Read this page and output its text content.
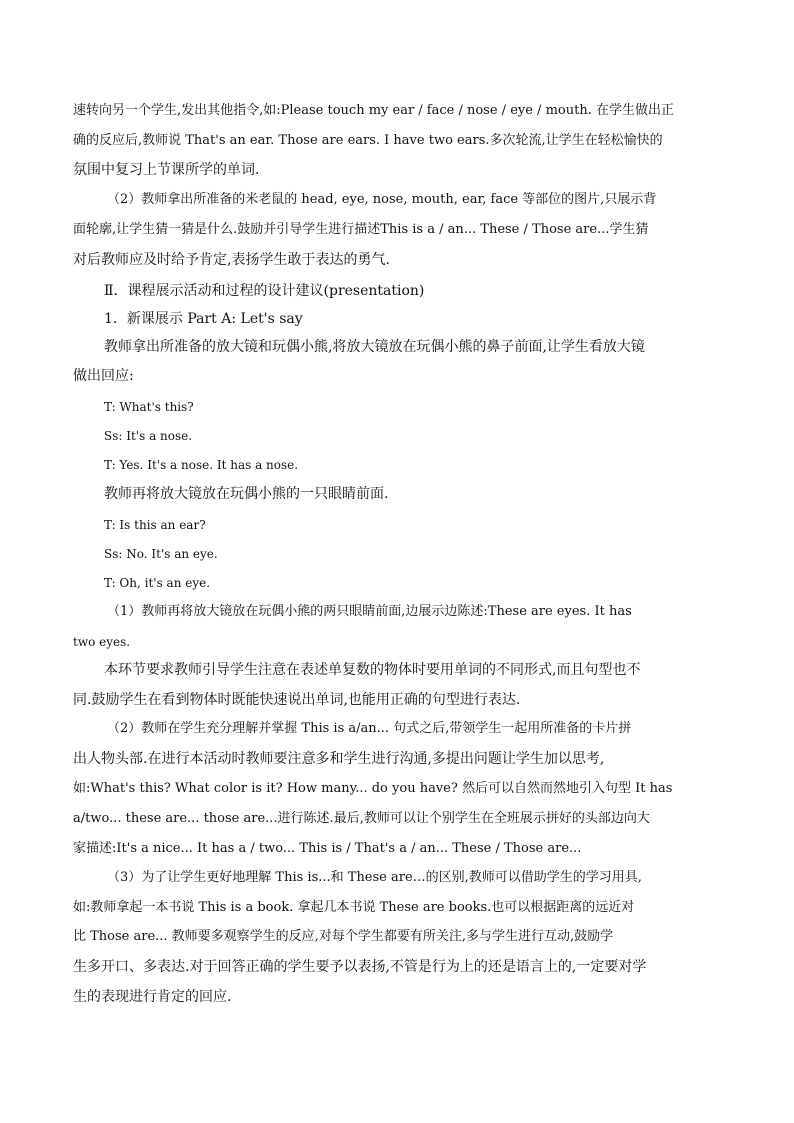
速转向另一个学生,发出其他指令,如:Please touch my ear / face / nose / eye / mouth. 在学生做出正
确的反应后,教师说 That's an ear. Those are ears. I have two ears.多次轮流,让学生在轻松愉快的
氛围中复习上节课所学的单词.
（2）教师拿出所准备的米老鼠的 head, eye, nose, mouth, ear, face 等部位的图片,只展示背
面轮廓,让学生猜一猜是什么.鼓励并引导学生进行描述This is a / an... These / Those are...学生猜
对后教师应及时给予肯定,表扬学生敢于表达的勇气.
Ⅱ．课程展示活动和过程的设计建议(presentation)
1．新课展示 Part A: Let's say
教师拿出所准备的放大镜和玩偶小熊,将放大镜放在玩偶小熊的鼻子前面,让学生看放大镜
做出回应:
T: What's this?
Ss: It's a nose.
T: Yes. It's a nose. It has a nose.
教师再将放大镜放在玩偶小熊的一只眼睛前面.
T: Is this an ear?
Ss: No. It's an eye.
T: Oh, it's an eye.
（1）教师再将放大镜放在玩偶小熊的两只眼睛前面,边展示边陈述:These are eyes. It has
two eyes.
本环节要求教师引导学生注意在表述单复数的物体时要用单词的不同形式,而且句型也不
同.鼓励学生在看到物体时既能快速说出单词,也能用正确的句型进行表达.
（2）教师在学生充分理解并掌握 This is a/an... 句式之后,带领学生一起用所准备的卡片拼
出人物头部.在进行本活动时教师要注意多和学生进行沟通,多提出问题让学生加以思考,
如:What's this? What color is it? How many... do you have? 然后可以自然而然地引入句型 It has
a/two... these are... those are...进行陈述.最后,教师可以让个别学生在全班展示拼好的头部边向大
家描述:It's a nice... It has a / two... This is / That's a / an... These / Those are...
（3）为了让学生更好地理解 This is...和 These are…的区别,教师可以借助学生的学习用具,
如:教师拿起一本书说 This is a book. 拿起几本书说 These are books.也可以根据距离的远近对
比 Those are... 教师要多观察学生的反应,对每个学生都要有所关注,多与学生进行互动,鼓励学
生多开口、多表达.对于回答正确的学生要予以表扬,不管是行为上的还是语言上的,一定要对学
生的表现进行肯定的回应.
